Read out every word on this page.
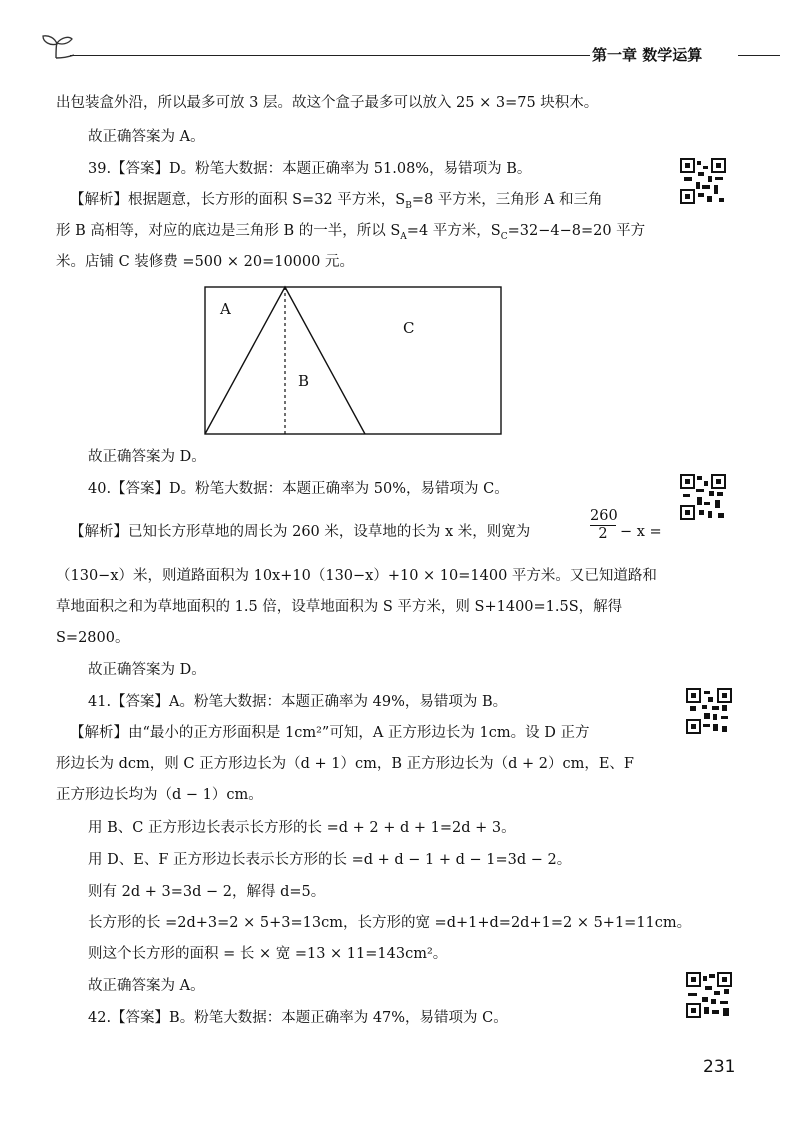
第一章 数学运算
出包装盒外沿，所以最多可放 3 层。故这个盒子最多可以放入 25 × 3=75 块积木。
故正确答案为 A。
39.【答案】D。粉笔大数据：本题正确率为 51.08%，易错项为 B。
【解析】根据题意，长方形的面积 S=32 平方米，$S_B=8$ 平方米，三角形 A 和三角
形 B 高相等，对应的底边是三角形 B 的一半，所以 $S_A=4$ 平方米，$S_C=32-4-8=20$ 平方
米。店铺 C 装修费 =500 × 20=10000 元。
A
B
C
故正确答案为 D。
40.【答案】D。粉笔大数据：本题正确率为 50%，易错项为 C。
【解析】已知长方形草地的周长为 260 米，设草地的长为 x 米，则宽为	$\frac{260}{2} - x$ =
（130−x）米，则道路面积为 10x+10（130−x）+10 × 10=1400 平方米。又已知道路和
草地面积之和为草地面积的 1.5 倍，设草地面积为 S 平方米，则 S+1400=1.5S，解得
S=2800。
故正确答案为 D。
41.【答案】A。粉笔大数据：本题正确率为 49%，易错项为 B。
【解析】由“最小的正方形面积是 1cm²”可知，A 正方形边长为 1cm。设 D 正方
形边长为 dcm，则 C 正方形边长为（d + 1）cm，B 正方形边长为（d + 2）cm，E、F
正方形边长均为（d − 1）cm。
用 B、C 正方形边长表示长方形的长 =d + 2 + d + 1=2d + 3。
用 D、E、F 正方形边长表示长方形的长 =d + d − 1 + d − 1=3d − 2。
则有 2d + 3=3d − 2，解得 d=5。
长方形的长 =2d+3=2 × 5+3=13cm，长方形的宽 =d+1+d=2d+1=2 × 5+1=11cm。
则这个长方形的面积 = 长 × 宽 =13 × 11=143cm²。
故正确答案为 A。
42.【答案】B。粉笔大数据：本题正确率为 47%，易错项为 C。
231
